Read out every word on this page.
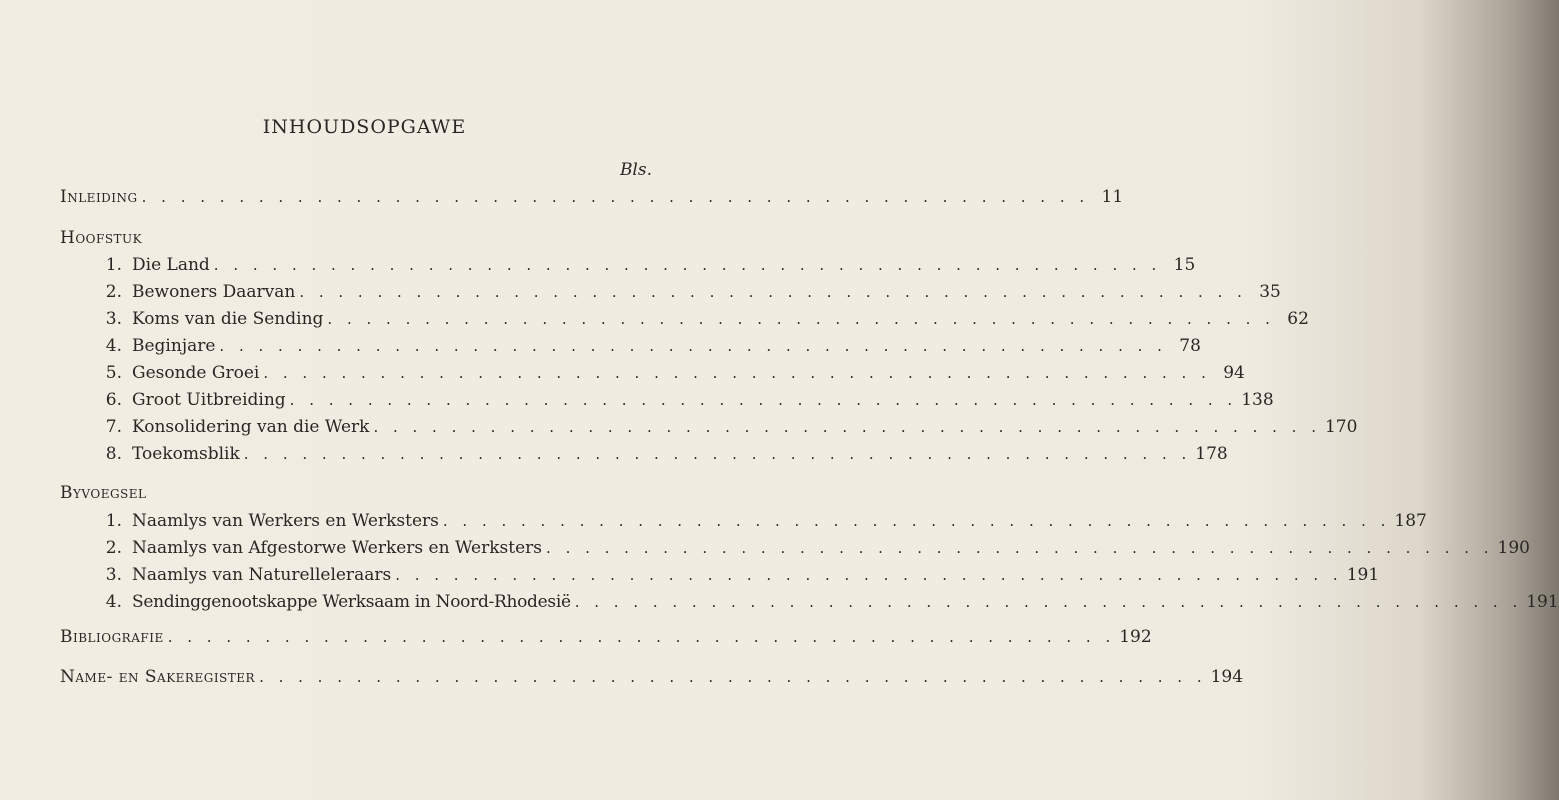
INHOUDSOPGAWE
Bls.
Inleiding . . . . . . . . . . . . . . . . . . . . . . . . . . . . . . . . . . . . . . . . . . . . . . . . . 11
Hoofstuk
1. Die Land . . . . . . . . . . . . . . . . . . . . . . . . . . . . . . . . . . . . . . . . . . . . . . . . . 15
2. Bewoners Daarvan . . . . . . . . . . . . . . . . . . . . . . . . . . . . . . . . . . . . . . . . . . . . . . . . . 35
3. Koms van die Sending . . . . . . . . . . . . . . . . . . . . . . . . . . . . . . . . . . . . . . . . . . . . . . . . . 62
4. Beginjare . . . . . . . . . . . . . . . . . . . . . . . . . . . . . . . . . . . . . . . . . . . . . . . . . 78
5. Gesonde Groei . . . . . . . . . . . . . . . . . . . . . . . . . . . . . . . . . . . . . . . . . . . . . . . . . 94
6. Groot Uitbreiding . . . . . . . . . . . . . . . . . . . . . . . . . . . . . . . . . . . . . . . . . . . . . . . . . 138
7. Konsolidering van die Werk . . . . . . . . . . . . . . . . . . . . . . . . . . . . . . . . . . . . . . . . . . . . . . . . . 170
8. Toekomsblik . . . . . . . . . . . . . . . . . . . . . . . . . . . . . . . . . . . . . . . . . . . . . . . . . 178
Byvoegsel
1. Naamlys van Werkers en Werksters . . . . . . . . . . . . . . . . . . . . . . . . . . . . . . . . . . . . . . . . . . . . . . . . . 187
2. Naamlys van Afgestorwe Werkers en Werksters . . . . . . . . . . . . . . . . . . . . . . . . . . . . . . . . . . . . . . . . . . . . . . . . . 190
3. Naamlys van Naturelleleraars . . . . . . . . . . . . . . . . . . . . . . . . . . . . . . . . . . . . . . . . . . . . . . . . . 191
4. Sendinggenootskappe Werksaam in Noord-Rhodesië . . . . . . . . . . . . . . . . . . . . . . . . . . . . . . . . . . . . . . . . . . . . . . . . . 191
Bibliografie . . . . . . . . . . . . . . . . . . . . . . . . . . . . . . . . . . . . . . . . . . . . . . . . . 192
Name- en Sakeregister . . . . . . . . . . . . . . . . . . . . . . . . . . . . . . . . . . . . . . . . . . . . . . . . . 194
